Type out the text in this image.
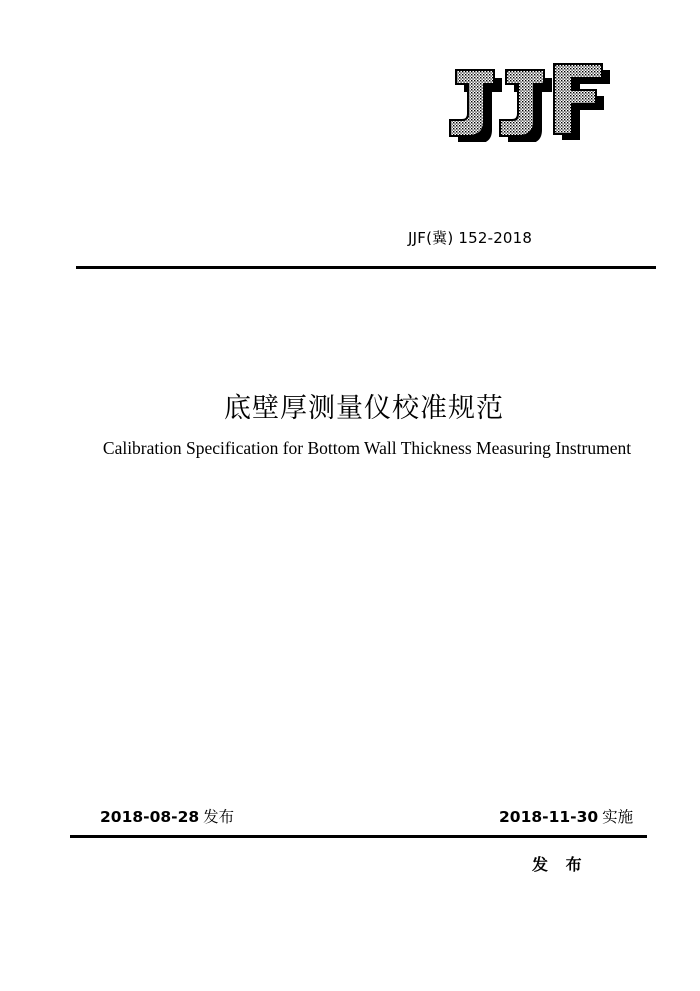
JJF(冀) 152-2018
底壁厚测量仪校准规范
Calibration Specification for Bottom Wall Thickness Measuring Instrument
2018-08-28 发布	2018-11-30 实施
发 布
